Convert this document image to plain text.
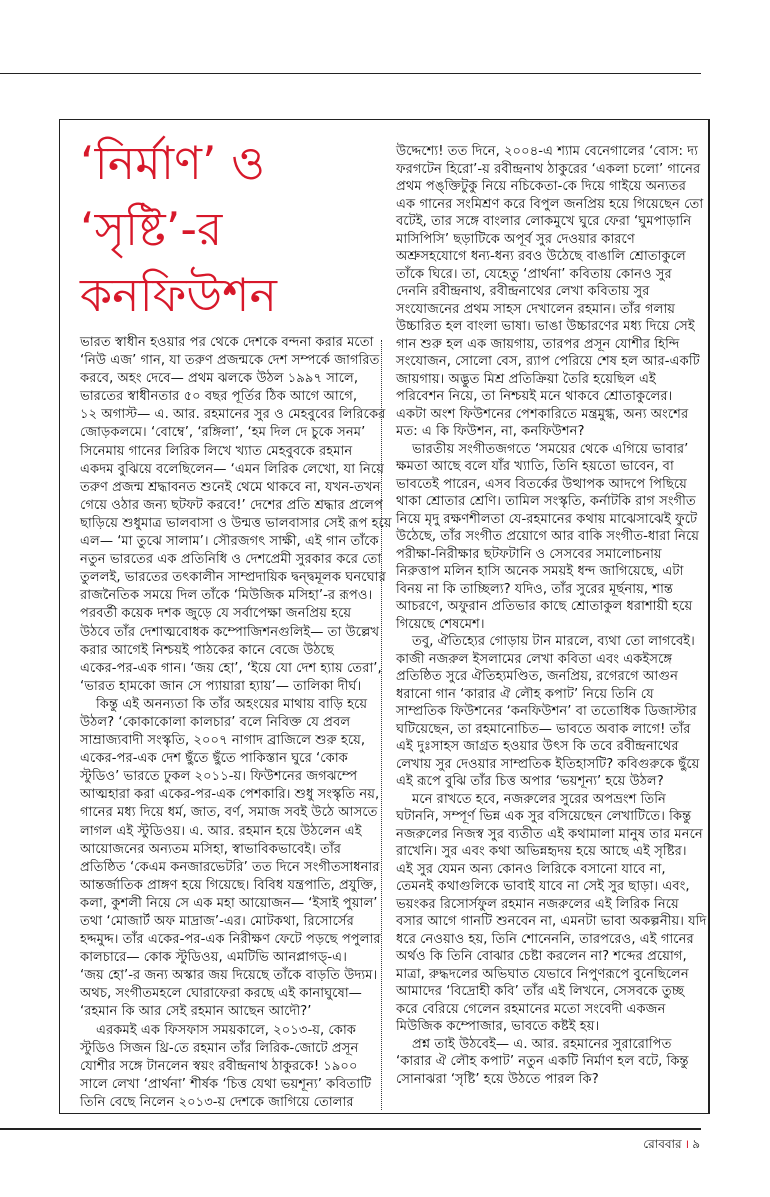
‘নির্মাণ’ ও
‘সৃষ্টি’-র
কনফিউশন
ভারত স্বাধীন হওয়ার পর থেকে দেশকে বন্দনা করার মতো
‘নিউ এজ’ গান, যা তরুণ প্রজন্মকে দেশ সম্পর্কে জাগরিত
করবে, অহং দেবে— প্রথম ঝলকে উঠল ১৯৯৭ সালে,
ভারতের স্বাধীনতার ৫০ বছর পূর্তির ঠিক আগে আগে,
১২ অগাস্ট— এ. আর. রহমানের সুর ও মেহবুবের লিরিকের
জোড়কলমে। ‘বোম্বে’, ‘রঙ্গিলা’, ‘হম দিল দে চুকে সনম’
সিনেমায় গানের লিরিক লিখে খ্যাত মেহবুবকে রহমান
একদম বুঝিয়ে বলেছিলেন— ‘এমন লিরিক লেখো, যা নিয়ে
তরুণ প্রজন্ম শ্রদ্ধাবনত শুনেই থেমে থাকবে না, যখন-তখন
গেয়ে ওঠার জন্য ছটফট করবে!’ দেশের প্রতি শ্রদ্ধার প্রলেপ
ছাড়িয়ে শুধুমাত্র ভালবাসা ও উন্মত্ত ভালবাসার সেই রূপ হয়ে
এল— ‘মা তুঝে সালাম’। সৌরজগৎ সাক্ষী, এই গান তাঁকে
নতুন ভারতের এক প্রতিনিধি ও দেশপ্রেমী সুরকার করে তো
তুললই, ভারতের তৎকালীন সাম্প্রদায়িক দ্বন্দ্বমূলক ঘনঘোর
রাজনৈতিক সময়ে দিল তাঁকে ‘মিউজিক মসিহা’-র রূপও।
পরবর্তী কয়েক দশক জুড়ে যে সর্বাপেক্ষা জনপ্রিয় হয়ে
উঠবে তাঁর দেশাত্মবোধক কম্পোজিশনগুলিই— তা উল্লেখ
করার আগেই নিশ্চয়ই পাঠকের কানে বেজে উঠছে
একের-পর-এক গান। ‘জয় হো’, ‘ইয়ে যো দেশ হ্যায় তেরা’,
‘ভারত হামকো জান সে প্যায়ারা হ্যায়’— তালিকা দীর্ঘ।
কিন্তু এই অনন্যতা কি তাঁর অহংয়ের মাথায় বাড়ি হয়ে
উঠল? ‘কোকাকোলা কালচার’ বলে নিবিক্ত যে প্রবল
সাম্রাজ্যবাদী সংস্কৃতি, ২০০৭ নাগাদ ব্রাজিলে শুরু হয়ে,
একের-পর-এক দেশ ছুঁতে ছুঁতে পাকিস্তান ঘুরে ‘কোক
স্টুডিও’ ভারতে ঢুকল ২০১১-য়। ফিউশনের জগঝম্পে
আত্মহারা করা একের-পর-এক পেশকারি। শুধু সংস্কৃতি নয়,
গানের মধ্য দিয়ে ধর্ম, জাত, বর্ণ, সমাজ সবই উঠে আসতে
লাগল এই স্টুডিওয়। এ. আর. রহমান হয়ে উঠলেন এই
আয়োজনের অন্যতম মসিহা, স্বাভাবিকভাবেই। তাঁর
প্রতিষ্ঠিত ‘কেএম কনজারভেটরি’ তত দিনে সংগীতসাধনার
আন্তর্জাতিক প্রাঙ্গণ হয়ে গিয়েছে। বিবিধ যন্ত্রপাতি, প্রযুক্তি,
কলা, কুশলী নিয়ে সে এক মহা আয়োজন— ‘ইসাই পুয়াল’
তথা ‘মোজার্ট অফ মাদ্রাজ’-এর। মোটকথা, রিসোর্সের
হদ্দমুদ্দ। তাঁর একের-পর-এক নিরীক্ষণ ফেটে পড়ছে পপুলার
কালচারে— কোক স্টুডিওয়, এমটিভি আনপ্লাগড্‌-এ।
‘জয় হো’-র জন্য অস্কার জয় দিয়েছে তাঁকে বাড়তি উদ্যম।
অথচ, সংগীতমহলে ঘোরাফেরা করছে এই কানাঘুষো—
‘রহমান কি আর সেই রহমান আছেন আদৌ?’
এরকমই এক ফিসফাস সময়কালে, ২০১৩-য়, কোক
স্টুডিও সিজন থ্রি-তে রহমান তাঁর লিরিক-জোটে প্রসূন
যোশীর সঙ্গে টানলেন স্বয়ং রবীন্দ্রনাথ ঠাকুরকে! ১৯০০
সালে লেখা ‘প্রার্থনা’ শীর্ষক ‘চিত্ত যেথা ভয়শূন্য’ কবিতাটি
তিনি বেছে নিলেন ২০১৩-য় দেশকে জাগিয়ে তোলার
উদ্দেশ্যে! তত দিনে, ২০০৪-এ শ্যাম বেনেগালের ‘বোস: দ্য
ফরগটেন হিরো’-য় রবীন্দ্রনাথ ঠাকুরের ‘একলা চলো’ গানের
প্রথম পঙ্‌ক্তিটুকু নিয়ে নচিকেতা-কে দিয়ে গাইয়ে অন্যতর
এক গানের সংমিশ্রণ করে বিপুল জনপ্রিয় হয়ে গিয়েছেন তো
বটেই, তার সঙ্গে বাংলার লোকমুখে ঘুরে ফেরা ‘ঘুমপাড়ানি
মাসিপিসি’ ছড়াটিকে অপূর্ব সুর দেওয়ার কারণে
অশ্রুসহযোগে ধন্য-ধন্য রবও উঠেছে বাঙালি শ্রোতাকুলে
তাঁকে ঘিরে। তা, যেহেতু ‘প্রার্থনা’ কবিতায় কোনও সুর
দেননি রবীন্দ্রনাথ, রবীন্দ্রনাথের লেখা কবিতায় সুর
সংযোজনের প্রথম সাহস দেখালেন রহমান। তাঁর গলায়
উচ্চারিত হল বাংলা ভাষা। ভাঙা উচ্চারণের মধ্য দিয়ে সেই
গান শুরু হল এক জায়গায়, তারপর প্রসূন যোশীর হিন্দি
সংযোজন, সোলো বেস, র‌্যাপ পেরিয়ে শেষ হল আর-একটি
জায়গায়। অদ্ভুত মিশ্র প্রতিক্রিয়া তৈরি হয়েছিল এই
পরিবেশন নিয়ে, তা নিশ্চয়ই মনে থাকবে শ্রোতাকুলের।
একটা অংশ ফিউশনের পেশকারিতে মন্ত্রমুগ্ধ, অন্য অংশের
মত: এ কি ফিউশন, না, কনফিউশন?
ভারতীয় সংগীতজগতে ‘সময়ের থেকে এগিয়ে ভাবার’
ক্ষমতা আছে বলে যাঁর খ্যাতি, তিনি হয়তো ভাবেন, বা
ভাবতেই পারেন, এসব বিতর্কের উত্থাপক আদপে পিছিয়ে
থাকা শ্রোতার শ্রেণি। তামিল সংস্কৃতি, কর্নাটকি রাগ সংগীত
নিয়ে মৃদু রক্ষণশীলতা যে-রহমানের কথায় মাঝেসাঝেই ফুটে
উঠেছে, তাঁর সংগীত প্রয়োগে আর বাকি সংগীত-ধারা নিয়ে
পরীক্ষা-নিরীক্ষার ছটফটানি ও সেসবের সমালোচনায়
নিরুত্তাপ মলিন হাসি অনেক সময়ই ধন্দ জাগিয়েছে, এটা
বিনয় না কি তাচ্ছিল্য? যদিও, তাঁর সুরের মূর্ছনায়, শান্ত
আচরণে, অফুরান প্রতিভার কাছে শ্রোতাকুল ধরাশায়ী হয়ে
গিয়েছে শেষমেশ।
তবু, ঐতিহ্যের গোড়ায় টান মারলে, ব্যথা তো লাগবেই।
কাজী নজরুল ইসলামের লেখা কবিতা এবং একইসঙ্গে
প্রতিষ্ঠিত সুরে ঐতিহ্যমণ্ডিত, জনপ্রিয়, রগেরগে আগুন
ধরানো গান ‘কারার ঐ লৌহ কপাট’ নিয়ে তিনি যে
সাম্প্রতিক ফিউশনের ‘কনফিউশন’ বা ততোধিক ডিজাস্টার
ঘটিয়েছেন, তা রহমানোচিত— ভাবতে অবাক লাগে! তাঁর
এই দুঃসাহস জাগ্রত হওয়ার উৎস কি তবে রবীন্দ্রনাথের
লেখায় সুর দেওয়ার সাম্প্রতিক ইতিহাসটি? কবিগুরুকে ছুঁয়ে
এই রূপে বুঝি তাঁর চিত্ত অপার ‘ভয়শূন্য’ হয়ে উঠল?
মনে রাখতে হবে, নজরুলের সুরের অপভ্রংশ তিনি
ঘটাননি, সম্পূর্ণ ভিন্ন এক সুর বসিয়েছেন লেখাটিতে। কিন্তু
নজরুলের নিজস্ব সুর ব্যতীত এই কথামালা মানুষ তার মননে
রাখেনি। সুর এবং কথা অভিন্নহৃদয় হয়ে আছে এই সৃষ্টির।
এই সুর যেমন অন্য কোনও লিরিকে বসানো যাবে না,
তেমনই কথাগুলিকে ভাবাই যাবে না সেই সুর ছাড়া। এবং,
ভয়ংকর রিসোর্সফুল রহমান নজরুলের এই লিরিক নিয়ে
বসার আগে গানটি শুনবেন না, এমনটা ভাবা অকল্পনীয়। যদি
ধরে নেওয়াও হয়, তিনি শোনেননি, তারপরেও, এই গানের
অর্থও কি তিনি বোঝার চেষ্টা করলেন না? শব্দের প্রয়োগ,
মাত্রা, রুদ্ধদলের অভিঘাত যেভাবে নিপুণরূপে বুনেছিলেন
আমাদের ‘বিদ্রোহী কবি’ তাঁর এই লিখনে, সেসবকে তুচ্ছ
করে বেরিয়ে গেলেন রহমানের মতো সংবেদী একজন
মিউজিক কম্পোজার, ভাবতে কষ্টই হয়।
প্রশ্ন তাই উঠবেই— এ. আর. রহমানের সুরারোপিত
‘কারার ঐ লৌহ কপাট’ নতুন একটি নির্মাণ হল বটে, কিন্তু
সোনাঝরা ‘সৃষ্টি’ হয়ে উঠতে পারল কি?
রোববার । ৯
